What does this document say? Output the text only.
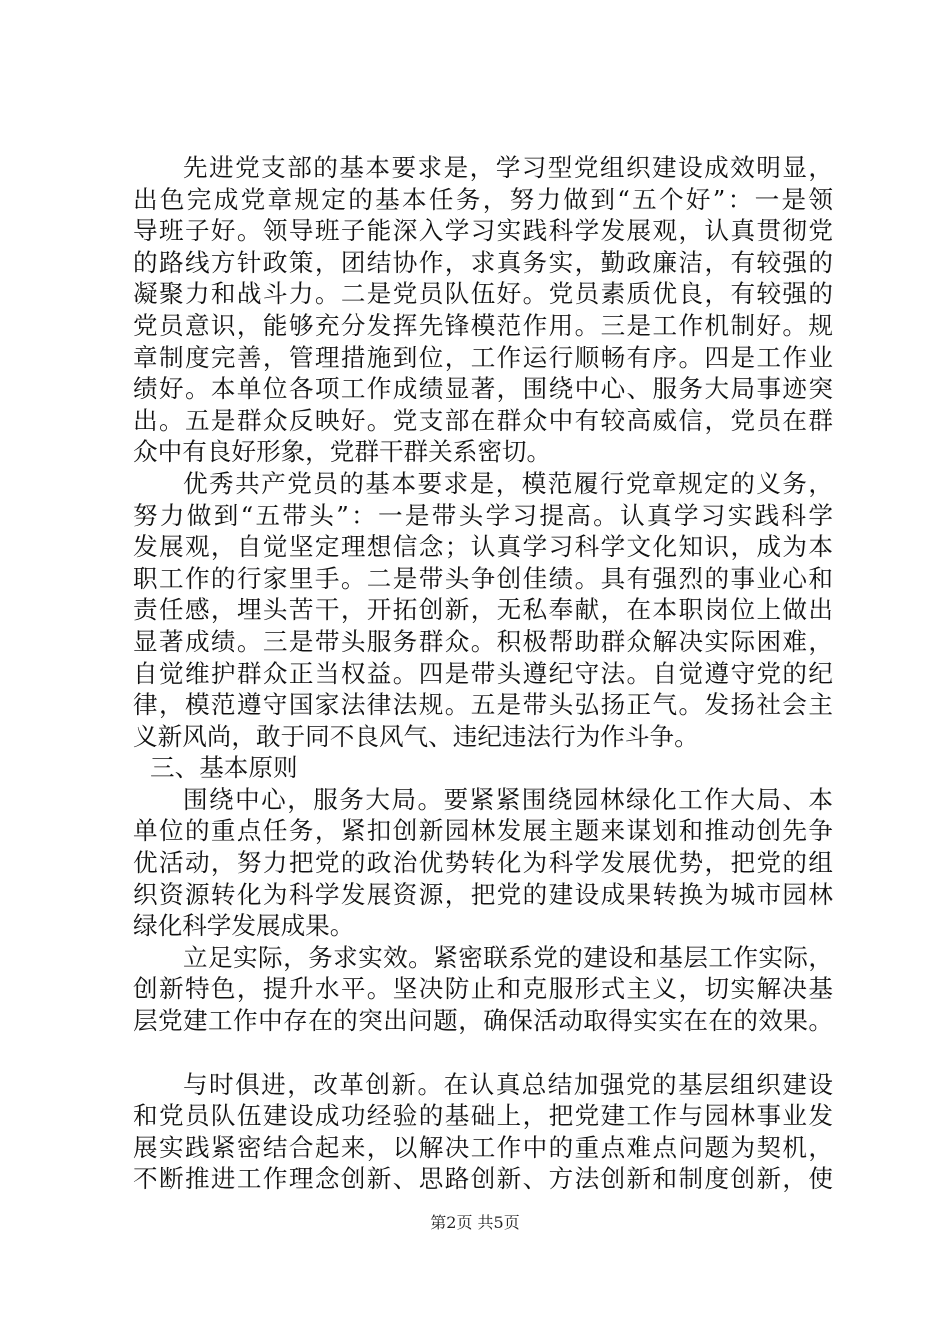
先进党支部的基本要求是，学习型党组织建设成效明显，
出色完成党章规定的基本任务，努力做到“五个好”：一是领
导班子好。领导班子能深入学习实践科学发展观，认真贯彻党
的路线方针政策，团结协作，求真务实，勤政廉洁，有较强的
凝聚力和战斗力。二是党员队伍好。党员素质优良，有较强的
党员意识，能够充分发挥先锋模范作用。三是工作机制好。规
章制度完善，管理措施到位，工作运行顺畅有序。四是工作业
绩好。本单位各项工作成绩显著，围绕中心、服务大局事迹突
出。五是群众反映好。党支部在群众中有较高威信，党员在群
众中有良好形象，党群干群关系密切。
优秀共产党员的基本要求是，模范履行党章规定的义务，
努力做到“五带头”：一是带头学习提高。认真学习实践科学
发展观，自觉坚定理想信念；认真学习科学文化知识，成为本
职工作的行家里手。二是带头争创佳绩。具有强烈的事业心和
责任感，埋头苦干，开拓创新，无私奉献，在本职岗位上做出
显著成绩。三是带头服务群众。积极帮助群众解决实际困难，
自觉维护群众正当权益。四是带头遵纪守法。自觉遵守党的纪
律，模范遵守国家法律法规。五是带头弘扬正气。发扬社会主
义新风尚，敢于同不良风气、违纪违法行为作斗争。
三、基本原则
围绕中心，服务大局。要紧紧围绕园林绿化工作大局、本
单位的重点任务，紧扣创新园林发展主题来谋划和推动创先争
优活动，努力把党的政治优势转化为科学发展优势，把党的组
织资源转化为科学发展资源，把党的建设成果转换为城市园林
绿化科学发展成果。
立足实际，务求实效。紧密联系党的建设和基层工作实际，
创新特色，提升水平。坚决防止和克服形式主义，切实解决基
层党建工作中存在的突出问题，确保活动取得实实在在的效果。
与时俱进，改革创新。在认真总结加强党的基层组织建设
和党员队伍建设成功经验的基础上，把党建工作与园林事业发
展实践紧密结合起来，以解决工作中的重点难点问题为契机，
不断推进工作理念创新、思路创新、方法创新和制度创新，使
第2页 共5页
